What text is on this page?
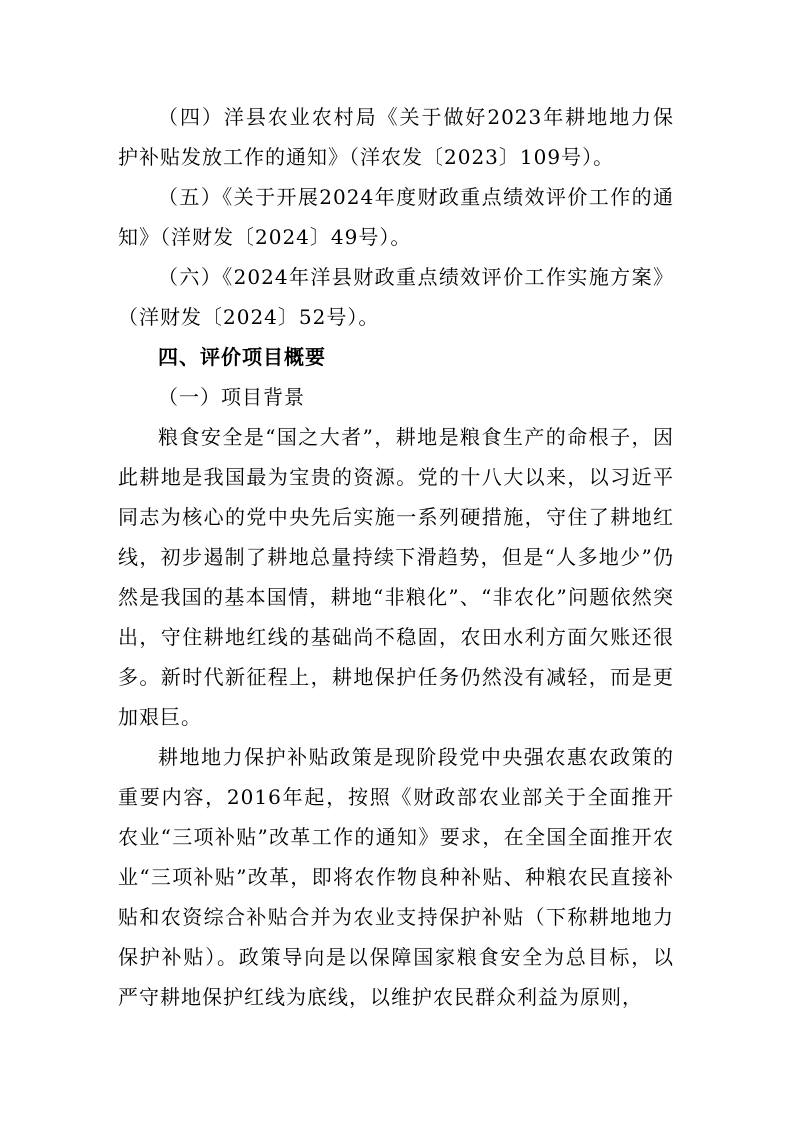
（四）洋县农业农村局《关于做好2023年耕地地力保护补贴发放工作的通知》（洋农发〔2023〕109号）。

（五）《关于开展2024年度财政重点绩效评价工作的通知》（洋财发〔2024〕49号）。

（六）《2024年洋县财政重点绩效评价工作实施方案》（洋财发〔2024〕52号）。

四、评价项目概要

（一）项目背景

粮食安全是“国之大者”，耕地是粮食生产的命根子，因此耕地是我国最为宝贵的资源。党的十八大以来，以习近平同志为核心的党中央先后实施一系列硬措施，守住了耕地红线，初步遏制了耕地总量持续下滑趋势，但是“人多地少”仍然是我国的基本国情，耕地“非粮化”、“非农化”问题依然突出，守住耕地红线的基础尚不稳固，农田水利方面欠账还很多。新时代新征程上，耕地保护任务仍然没有减轻，而是更加艰巨。

耕地地力保护补贴政策是现阶段党中央强农惠农政策的重要内容，2016年起，按照《财政部农业部关于全面推开农业“三项补贴”改革工作的通知》要求，在全国全面推开农业“三项补贴”改革，即将农作物良种补贴、种粮农民直接补贴和农资综合补贴合并为农业支持保护补贴（下称耕地地力保护补贴）。政策导向是以保障国家粮食安全为总目标，以严守耕地保护红线为底线，以维护农民群众利益为原则，
